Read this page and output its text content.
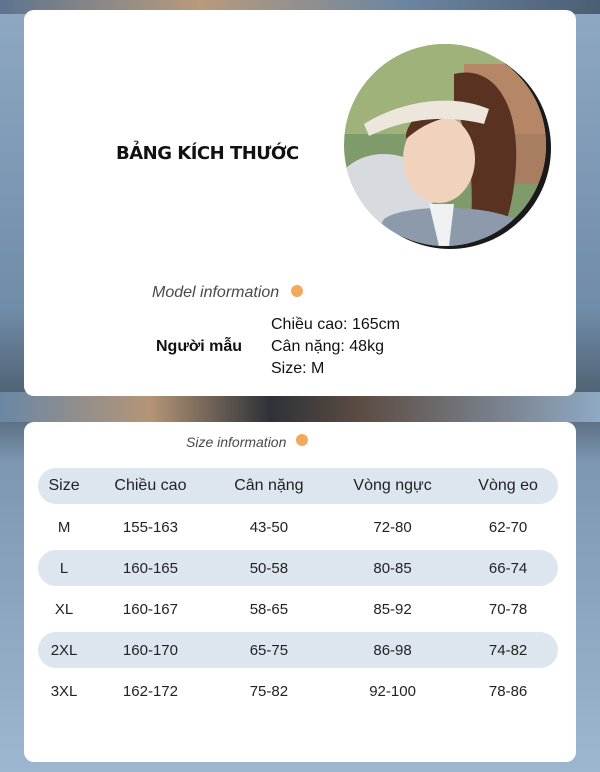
BẢNG KÍCH THƯỚC
Model information
Người mẫu
Chiều cao: 165cm
Cân nặng: 48kg
Size: M
Size information
Size	Chiều cao	Cân nặng	Vòng ngực	Vòng eo

M	155-163	43-50	72-80	62-70

L	160-165	50-58	80-85	66-74

XL	160-167	58-65	85-92	70-78

2XL	160-170	65-75	86-98	74-82

3XL	162-172	75-82	92-100	78-86
